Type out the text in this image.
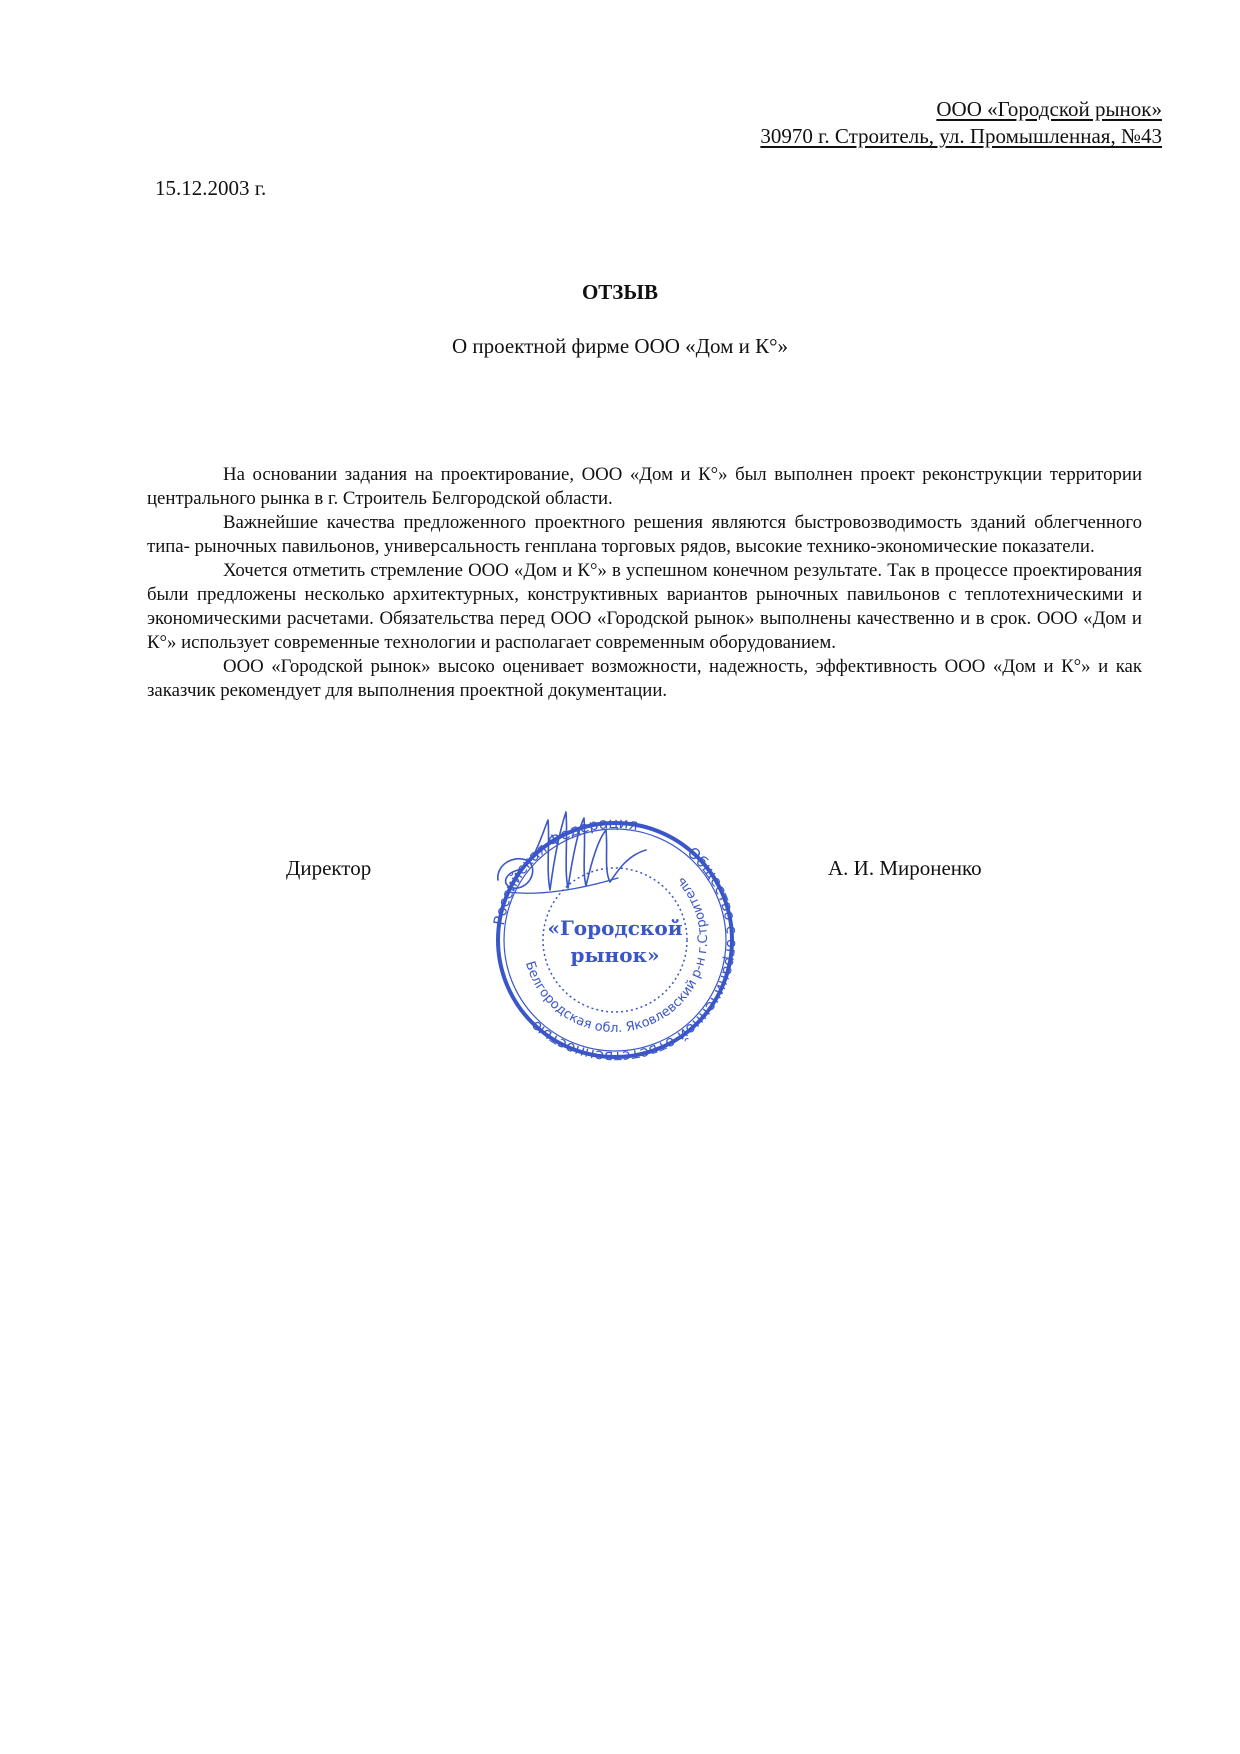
ООО «Городской рынок»
30970 г. Строитель, ул. Промышленная, №43
15.12.2003 г.
ОТЗЫВ
О проектной фирме ООО «Дом и К°»

На основании задания на проектирование, ООО «Дом и К°» был выполнен проект реконструкции территории центрального рынка в г. Строитель Белгородской области.

Важнейшие качества предложенного проектного решения являются быстровозводимость зданий облегченного типа- рыночных павильонов, универсальность генплана торговых рядов, высокие технико-экономические показатели.

Хочется отметить стремление ООО «Дом и К°» в успешном конечном результате. Так в процессе проектирования были предложены несколько архитектурных, конструктивных вариантов рыночных павильонов с теплотехническими и экономическими расчетами. Обязательства перед ООО «Городской рынок» выполнены качественно и в срок. ООО «Дом и К°» использует современные технологии и располагает современным оборудованием.

ООО «Городской рынок» высоко оценивает возможности, надежность, эффективность ООО «Дом и К°» и как заказчик рекомендует для выполнения проектной документации.

Директор	А. И. Мироненко
Российская Федерация
Общество с ограниченной ответственностью
Белгородская обл. Яковлевский р-н г.Строитель
«Городской
рынок»
